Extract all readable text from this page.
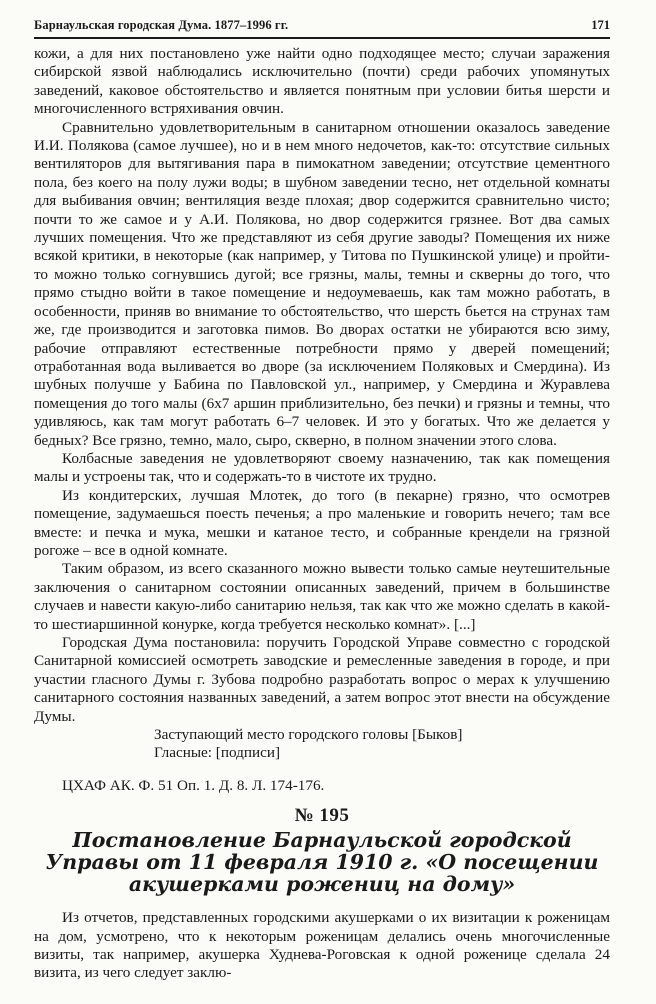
Барнаульская городская Дума. 1877–1996 гг.	171

кожи, а для них постановлено уже найти одно подходящее место; случаи заражения сибирской язвой наблюдались исключительно (почти) среди рабочих упомянутых заведений, каковое обстоятельство и является понятным при условии битья шерсти и многочисленного встряхивания овчин.

Сравнительно удовлетворительным в санитарном отношении оказалось заведение И.И. Полякова (самое лучшее), но и в нем много недочетов, как-то: отсутствие сильных вентиляторов для вытягивания пара в пимокатном заведении; отсутствие цементного пола, без коего на полу лужи воды; в шубном заведении тесно, нет отдельной комнаты для выбивания овчин; вентиляция везде плохая; двор содержится сравнительно чисто; почти то же самое и у А.И. Полякова, но двор содержится грязнее. Вот два самых лучших помещения. Что же представляют из себя другие заводы? Помещения их ниже всякой критики, в некоторые (как например, у Титова по Пушкинской улице) и пройти-то можно только согнувшись дугой; все грязны, малы, темны и скверны до того, что прямо стыдно войти в такое помещение и недоумеваешь, как там можно работать, в особенности, приняв во внимание то обстоятельство, что шерсть бьется на струнах там же, где производится и заготовка пимов. Во дворах остатки не убираются всю зиму, рабочие отправляют естественные потребности прямо у дверей помещений; отработанная вода выливается во дворе (за исключением Поляковых и Смердина). Из шубных получше у Бабина по Павловской ул., например, у Смердина и Журавлева помещения до того малы (6х7 аршин приблизительно, без печки) и грязны и темны, что удивляюсь, как там могут работать 6–7 человек. И это у богатых. Что же делается у бедных? Все грязно, темно, мало, сыро, скверно, в полном значении этого слова.

Колбасные заведения не удовлетворяют своему назначению, так как помещения малы и устроены так, что и содержать-то в чистоте их трудно.

Из кондитерских, лучшая Млотек, до того (в пекарне) грязно, что осмотрев помещение, задумаешься поесть печенья; а про маленькие и говорить нечего; там все вместе: и печка и мука, мешки и катаное тесто, и собранные крендели на грязной рогоже – все в одной комнате.

Таким образом, из всего сказанного можно вывести только самые неутешительные заключения о санитарном состоянии описанных заведений, причем в большинстве случаев и навести какую-либо санитарию нельзя, так как что же можно сделать в какой-то шестиаршинной конурке, когда требуется несколько комнат». [...]

Городская Дума постановила: поручить Городской Управе совместно с городской Санитарной комиссией осмотреть заводские и ремесленные заведения в городе, и при участии гласного Думы г. Зубова подробно разработать вопрос о мерах к улучшению санитарного состояния названных заведений, а затем вопрос этот внести на обсуждение Думы.

Заступающий место городского головы [Быков]
Гласные: [подписи]
ЦХАФ АК. Ф. 51 Оп. 1. Д. 8. Л. 174-176.
№ 195
Постановление Барнаульской городской Управы от 11 февраля 1910 г. «О посещении акушерками рожениц на дому»

Из отчетов, представленных городскими акушерками о их визитации к роженицам на дом, усмотрено, что к некоторым роженицам делались очень многочисленные визиты, так например, акушерка Худнева-Роговская к одной роженице сделала 24 визита, из чего следует заклю-
